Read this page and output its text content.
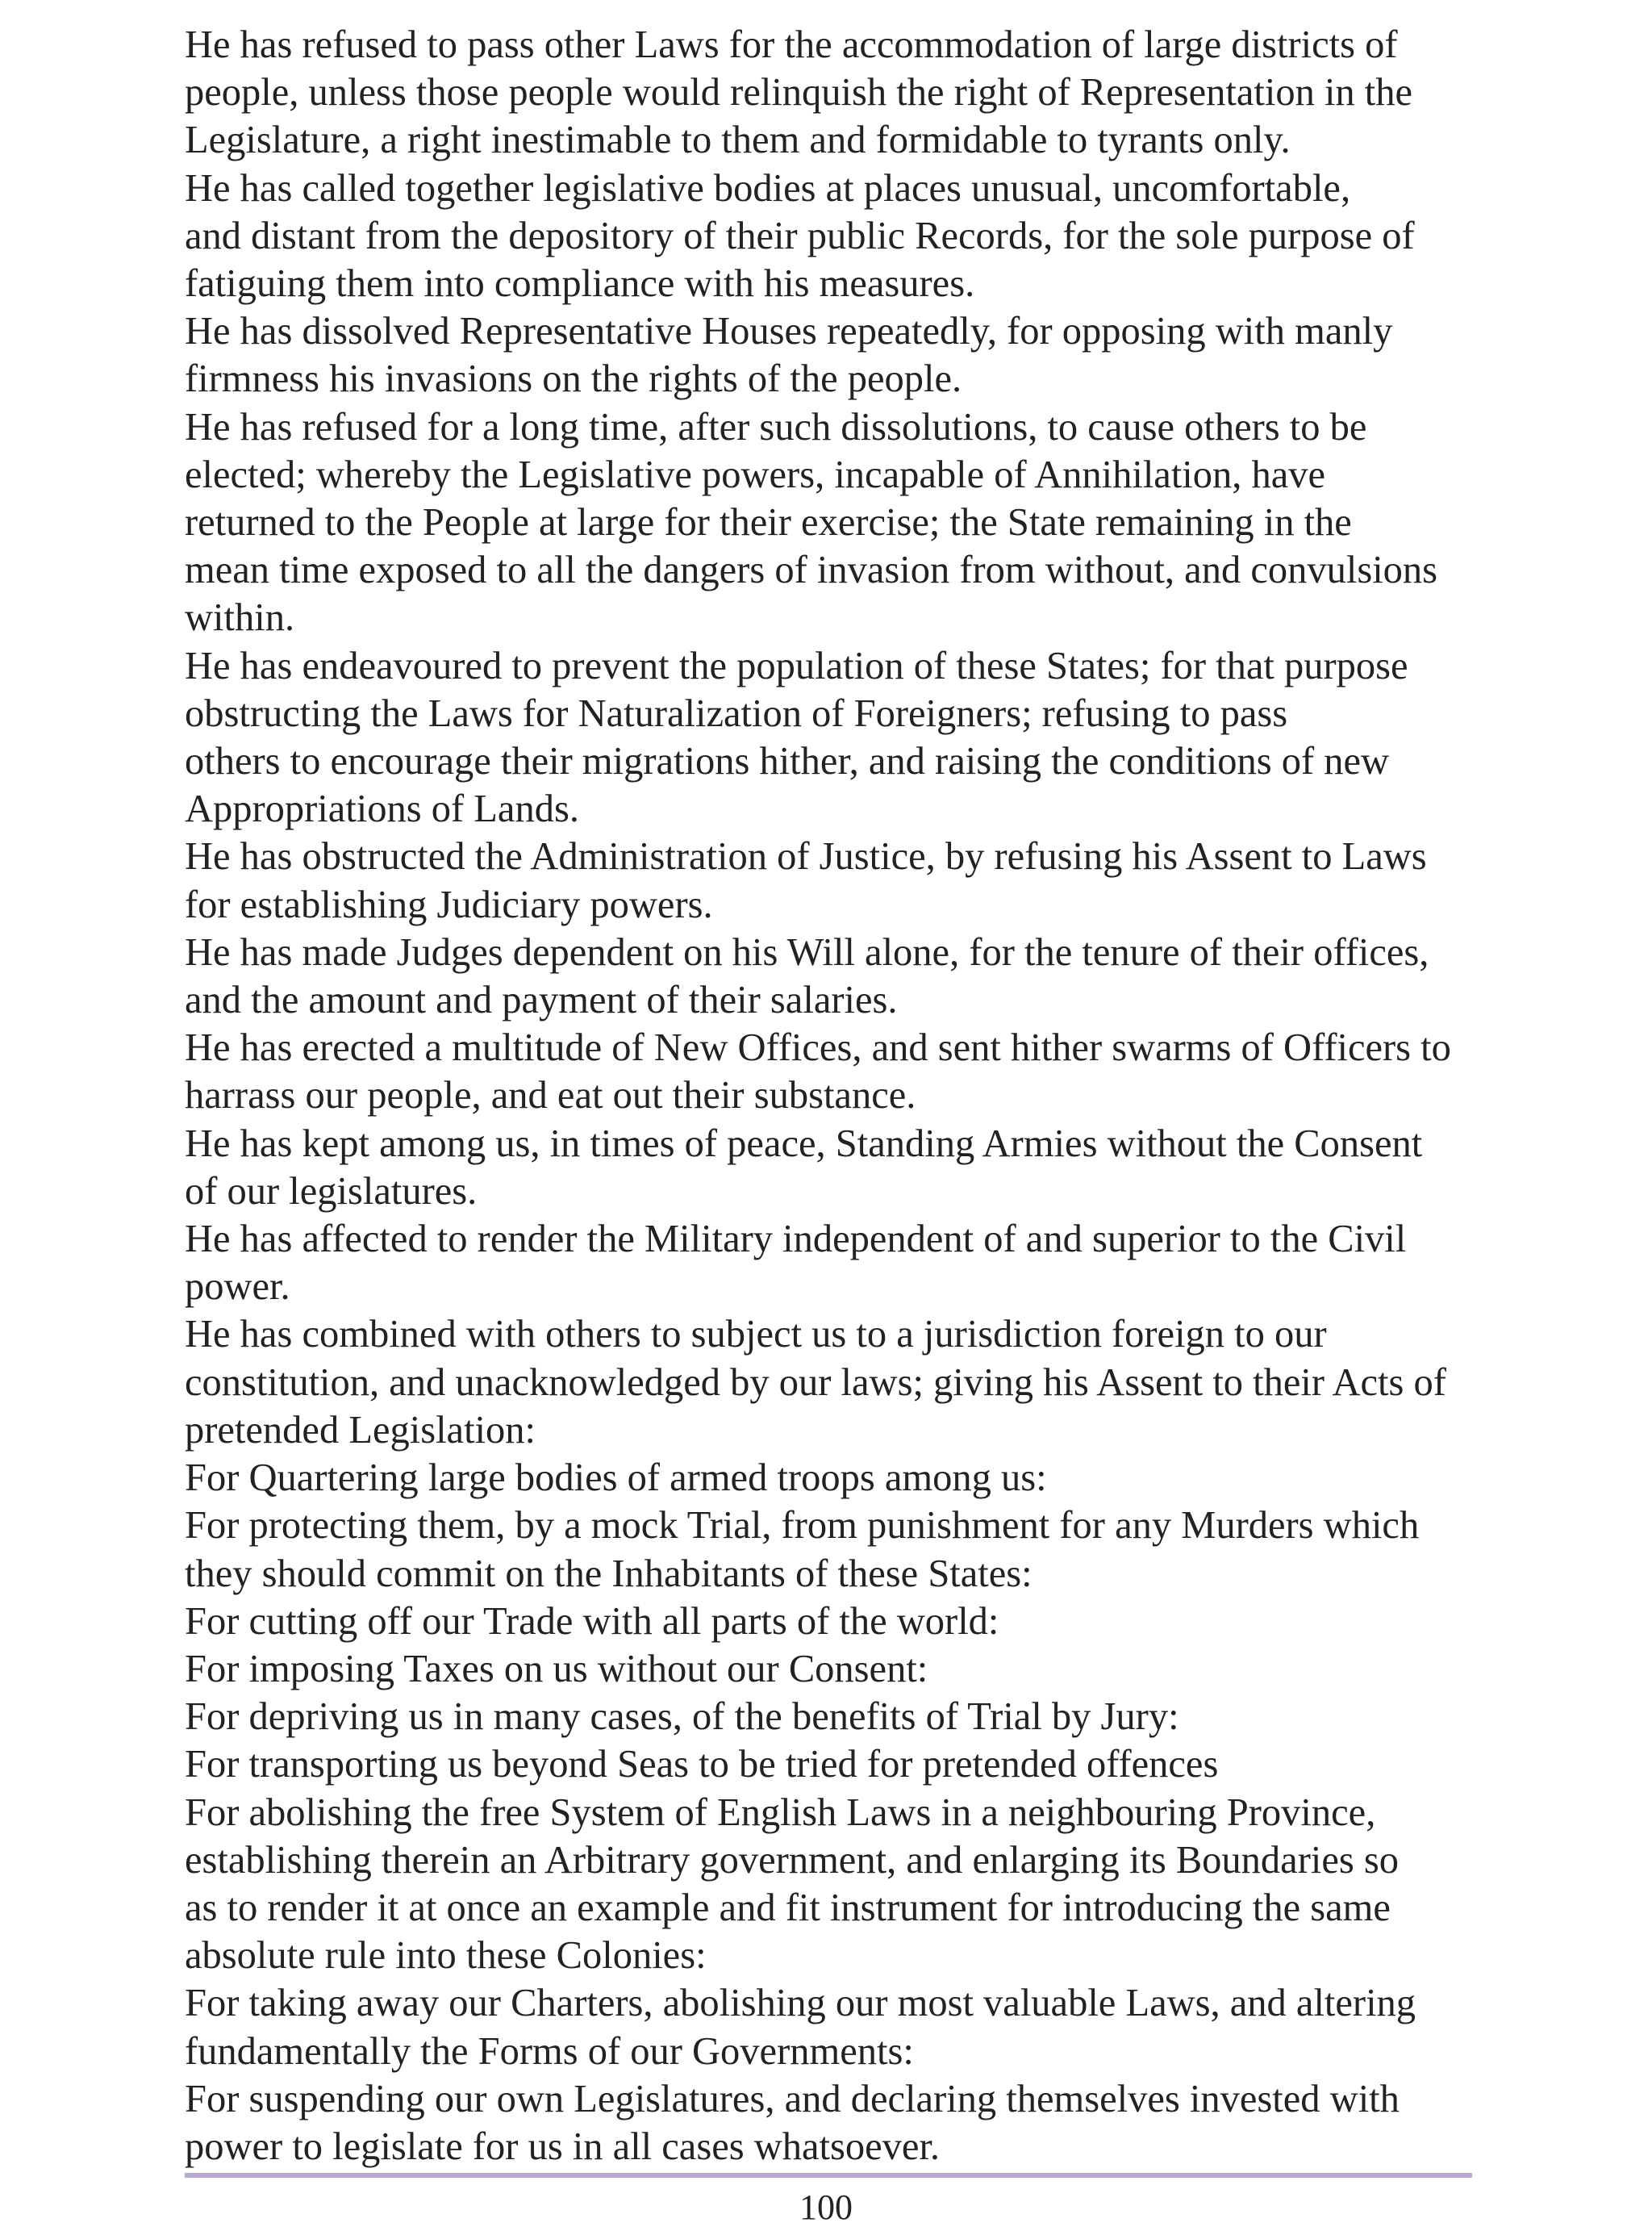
He has refused to pass other Laws for the accommodation of large districts of
people, unless those people would relinquish the right of Representation in the
Legislature, a right inestimable to them and formidable to tyrants only.
He has called together legislative bodies at places unusual, uncomfortable,
and distant from the depository of their public Records, for the sole purpose of
fatiguing them into compliance with his measures.
He has dissolved Representative Houses repeatedly, for opposing with manly
firmness his invasions on the rights of the people.
He has refused for a long time, after such dissolutions, to cause others to be
elected; whereby the Legislative powers, incapable of Annihilation, have
returned to the People at large for their exercise; the State remaining in the
mean time exposed to all the dangers of invasion from without, and convulsions
within.
He has endeavoured to prevent the population of these States; for that purpose
obstructing the Laws for Naturalization of Foreigners; refusing to pass
others to encourage their migrations hither, and raising the conditions of new
Appropriations of Lands.
He has obstructed the Administration of Justice, by refusing his Assent to Laws
for establishing Judiciary powers.
He has made Judges dependent on his Will alone, for the tenure of their offices,
and the amount and payment of their salaries.
He has erected a multitude of New Offices, and sent hither swarms of Officers to
harrass our people, and eat out their substance.
He has kept among us, in times of peace, Standing Armies without the Consent
of our legislatures.
He has affected to render the Military independent of and superior to the Civil
power.
He has combined with others to subject us to a jurisdiction foreign to our
constitution, and unacknowledged by our laws; giving his Assent to their Acts of
pretended Legislation:
For Quartering large bodies of armed troops among us:
For protecting them, by a mock Trial, from punishment for any Murders which
they should commit on the Inhabitants of these States:
For cutting off our Trade with all parts of the world:
For imposing Taxes on us without our Consent:
For depriving us in many cases, of the benefits of Trial by Jury:
For transporting us beyond Seas to be tried for pretended offences
For abolishing the free System of English Laws in a neighbouring Province,
establishing therein an Arbitrary government, and enlarging its Boundaries so
as to render it at once an example and fit instrument for introducing the same
absolute rule into these Colonies:
For taking away our Charters, abolishing our most valuable Laws, and altering
fundamentally the Forms of our Governments:
For suspending our own Legislatures, and declaring themselves invested with
power to legislate for us in all cases whatsoever.
100
